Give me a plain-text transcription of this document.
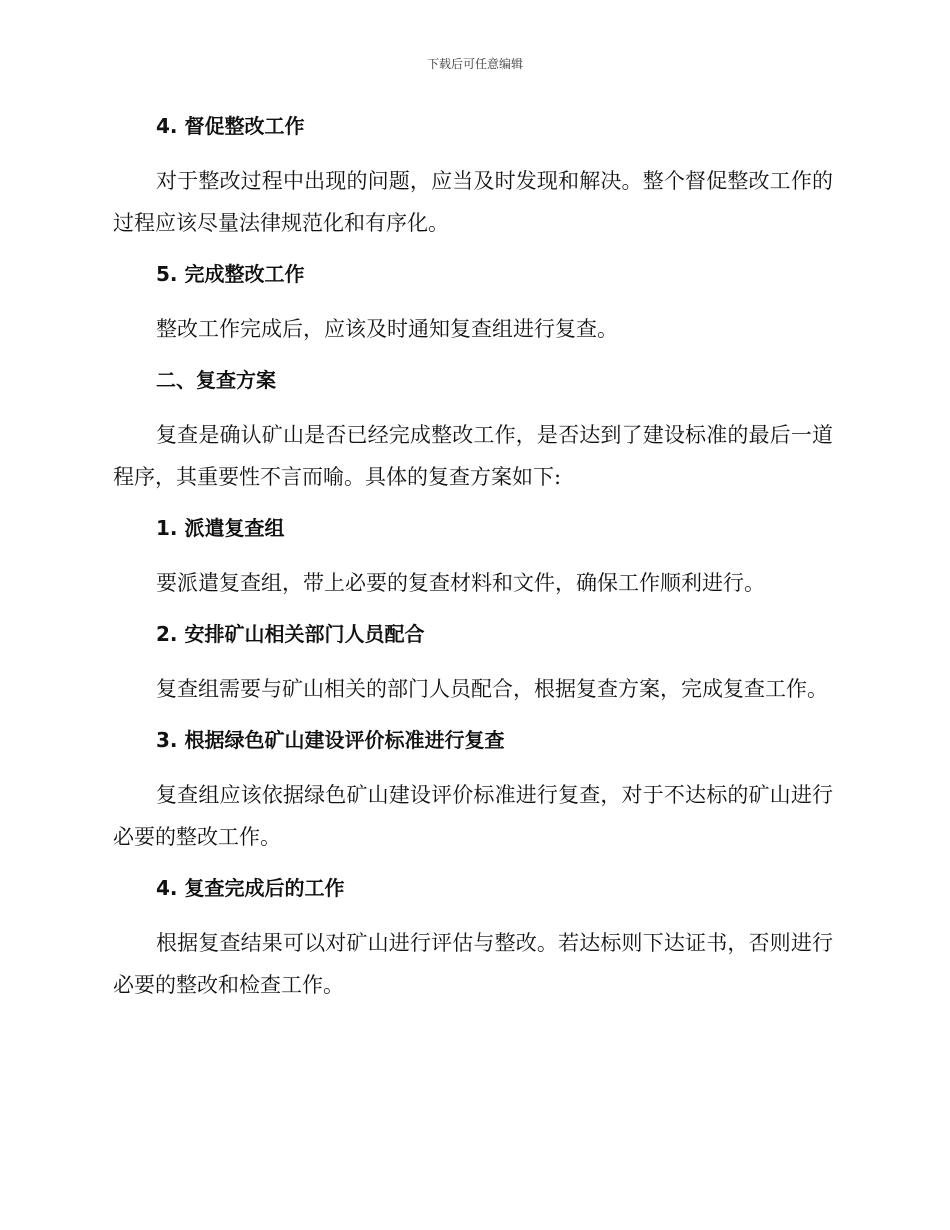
下载后可任意编辑
4. 督促整改工作

对于整改过程中出现的问题，应当及时发现和解决。整个督促整改工作的过程应该尽量法律规范化和有序化。

5. 完成整改工作

整改工作完成后，应该及时通知复查组进行复查。

二、复查方案

复查是确认矿山是否已经完成整改工作，是否达到了建设标准的最后一道程序，其重要性不言而喻。具体的复查方案如下:

1. 派遣复查组

要派遣复查组，带上必要的复查材料和文件，确保工作顺利进行。

2. 安排矿山相关部门人员配合

复查组需要与矿山相关的部门人员配合，根据复查方案，完成复查工作。

3. 根据绿色矿山建设评价标准进行复查

复查组应该依据绿色矿山建设评价标准进行复查，对于不达标的矿山进行必要的整改工作。

4. 复查完成后的工作

根据复查结果可以对矿山进行评估与整改。若达标则下达证书，否则进行必要的整改和检查工作。
